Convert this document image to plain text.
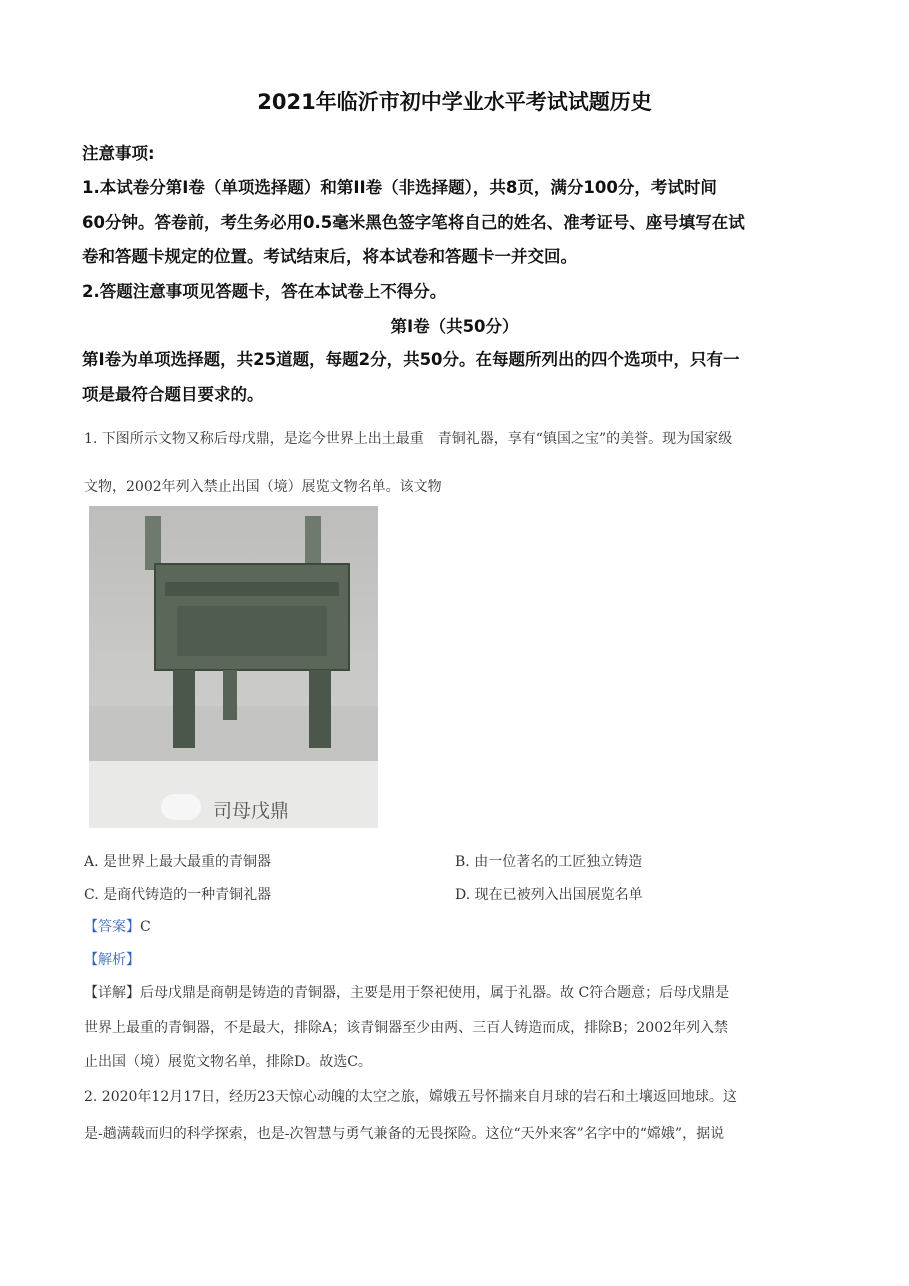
2021年临沂市初中学业水平考试试题历史
注意事项:
1.本试卷分第Ⅰ卷（单项选择题）和第II卷（非选择题），共8页，满分100分，考试时间
60分钟。答卷前，考生务必用0.5毫米黑色签字笔将自己的姓名、准考证号、座号填写在试
卷和答题卡规定的位置。考试结束后，将本试卷和答题卡一并交回。
2.答题注意事项见答题卡，答在本试卷上不得分。
第Ⅰ卷（共50分）
第Ⅰ卷为单项选择题，共25道题，每题2分，共50分。在每题所列出的四个选项中，只有一
项是最符合题目要求的。
1. 下图所示文物又称后母戊鼎，是迄今世界上出土最重　青铜礼器，享有“镇国之宝”的美誉。现为国家级
文物，2002年列入禁止出国（境）展览文物名单。该文物
司母戊鼎
A. 是世界上最大最重的青铜器	B. 由一位著名的工匠独立铸造
C. 是商代铸造的一种青铜礼器	D. 现在已被列入出国展览名单
【答案】C
【解析】
【详解】后母戊鼎是商朝是铸造的青铜器，主要是用于祭祀使用，属于礼器。故 C符合题意；后母戊鼎是
世界上最重的青铜器，不是最大，排除A；该青铜器至少由两、三百人铸造而成，排除B；2002年列入禁
止出国（境）展览文物名单，排除D。故选C。
2. 2020年12月17日，经历23天惊心动魄的太空之旅，嫦娥五号怀揣来自月球的岩石和土壤返回地球。这
是-趟满载而归的科学探索，也是-次智慧与勇气兼备的无畏探险。这位“天外来客”名字中的“嫦娥”，据说
